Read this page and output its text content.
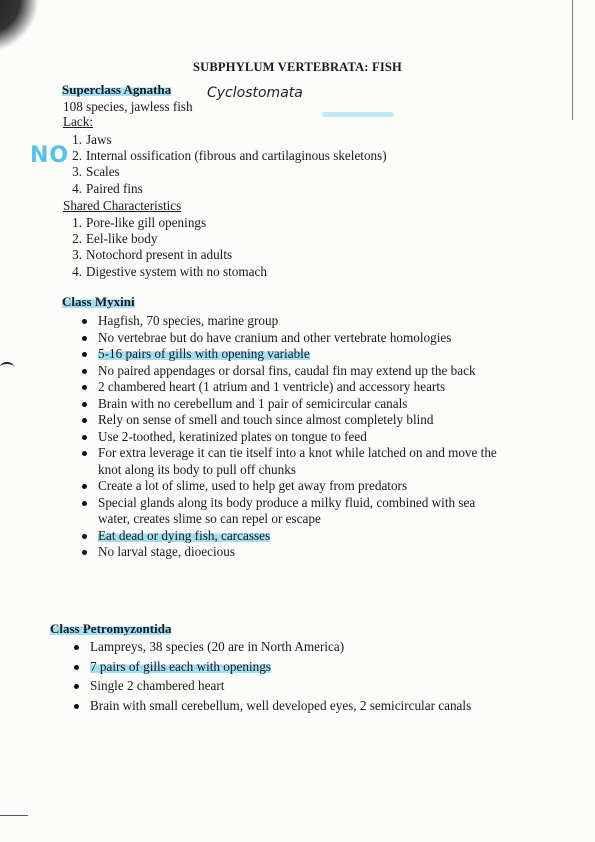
SUBPHYLUM VERTEBRATA: FISH
Superclass Agnatha	Cyclostomata
108 species, jawless fish
Lack:
NO
1. Jaws
2. Internal ossification (fibrous and cartilaginous skeletons)
3. Scales
4. Paired fins
Shared Characteristics
1. Pore-like gill openings
2. Eel-like body
3. Notochord present in adults
4. Digestive system with no stomach
Class Myxini
Hagfish, 70 species, marine group
No vertebrae but do have cranium and other vertebrate homologies
5-16 pairs of gills with opening variable
No paired appendages or dorsal fins, caudal fin may extend up the back
2 chambered heart (1 atrium and 1 ventricle) and accessory hearts
Brain with no cerebellum and 1 pair of semicircular canals
Rely on sense of smell and touch since almost completely blind
Use 2-toothed, keratinized plates on tongue to feed
For extra leverage it can tie itself into a knot while latched on and move the knot along its body to pull off chunks
Create a lot of slime, used to help get away from predators
Special glands along its body produce a milky fluid, combined with sea water, creates slime so can repel or escape
Eat dead or dying fish, carcasses
No larval stage, dioecious
Class Petromyzontida
Lampreys, 38 species (20 are in North America)
7 pairs of gills each with openings
Single 2 chambered heart
Brain with small cerebellum, well developed eyes, 2 semicircular canals
